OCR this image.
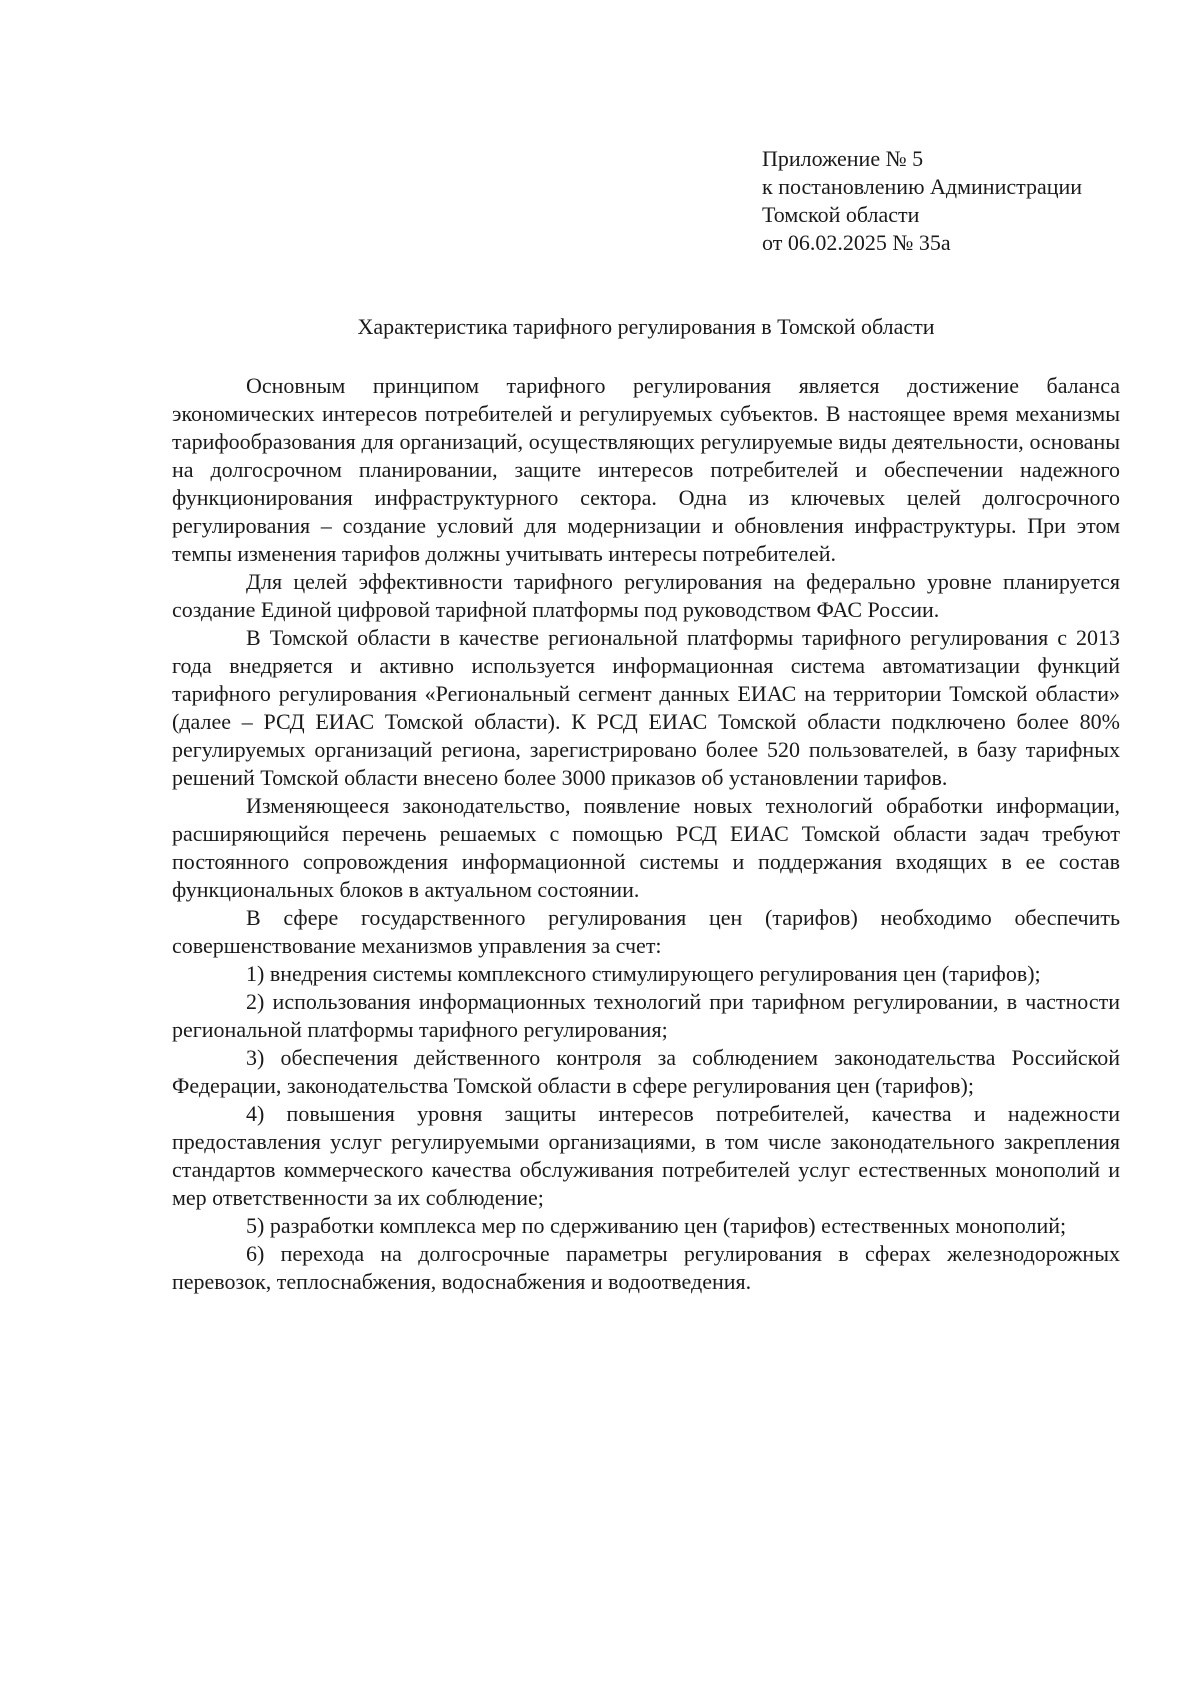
Приложение № 5
к постановлению Администрации
Томской области
от 06.02.2025 № 35а
Характеристика тарифного регулирования в Томской области

Основным принципом тарифного регулирования является достижение баланса экономических интересов потребителей и регулируемых субъектов. В настоящее время механизмы тарифообразования для организаций, осуществляющих регулируемые виды деятельности, основаны на долгосрочном планировании, защите интересов потребителей и обеспечении надежного функционирования инфраструктурного сектора. Одна из ключевых целей долгосрочного регулирования – создание условий для модернизации и обновления инфраструктуры. При этом темпы изменения тарифов должны учитывать интересы потребителей.

Для целей эффективности тарифного регулирования на федерально уровне планируется создание Единой цифровой тарифной платформы под руководством ФАС России.

В Томской области в качестве региональной платформы тарифного регулирования с 2013 года внедряется и активно используется информационная система автоматизации функций тарифного регулирования «Региональный сегмент данных ЕИАС на территории Томской области» (далее – РСД ЕИАС Томской области). К РСД ЕИАС Томской области подключено более 80% регулируемых организаций региона, зарегистрировано более 520 пользователей, в базу тарифных решений Томской области внесено более 3000 приказов об установлении тарифов.

Изменяющееся законодательство, появление новых технологий обработки информации, расширяющийся перечень решаемых с помощью РСД ЕИАС Томской области задач требуют постоянного сопровождения информационной системы и поддержания входящих в ее состав функциональных блоков в актуальном состоянии.

В сфере государственного регулирования цен (тарифов) необходимо обеспечить совершенствование механизмов управления за счет:

1) внедрения системы комплексного стимулирующего регулирования цен (тарифов);

2) использования информационных технологий при тарифном регулировании, в частности региональной платформы тарифного регулирования;

3) обеспечения действенного контроля за соблюдением законодательства Российской Федерации, законодательства Томской области в сфере регулирования цен (тарифов);

4) повышения уровня защиты интересов потребителей, качества и надежности предоставления услуг регулируемыми организациями, в том числе законодательного закрепления стандартов коммерческого качества обслуживания потребителей услуг естественных монополий и мер ответственности за их соблюдение;

5) разработки комплекса мер по сдерживанию цен (тарифов) естественных монополий;

6) перехода на долгосрочные параметры регулирования в сферах железнодорожных перевозок, теплоснабжения, водоснабжения и водоотведения.
